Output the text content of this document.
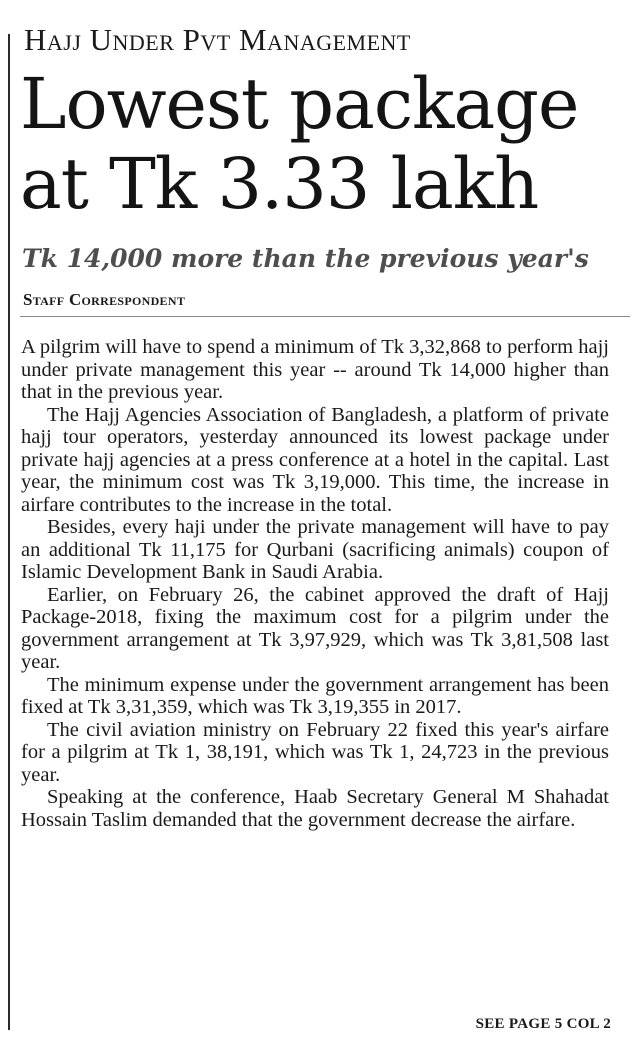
Hajj Under Pvt Management
Lowest package
at Tk 3.33 lakh
Tk 14,000 more than the previous year's
Staff Correspondent

A pilgrim will have to spend a minimum of Tk 3,32,868 to perform hajj under private management this year -- around Tk 14,000 higher than that in the previous year.

The Hajj Agencies Association of Bangladesh, a platform of private hajj tour operators, yesterday announced its lowest package under private hajj agencies at a press conference at a hotel in the capital. Last year, the minimum cost was Tk 3,19,000. This time, the increase in airfare contributes to the increase in the total.

Besides, every haji under the private management will have to pay an additional Tk 11,175 for Qurbani (sacrificing animals) coupon of Islamic Development Bank in Saudi Arabia.

Earlier, on February 26, the cabinet approved the draft of Hajj Package-2018, fixing the maximum cost for a pilgrim under the government arrangement at Tk 3,97,929, which was Tk 3,81,508 last year.

The minimum expense under the government arrangement has been fixed at Tk 3,31,359, which was Tk 3,19,355 in 2017.

The civil aviation ministry on February 22 fixed this year's airfare for a pilgrim at Tk 1, 38,191, which was Tk 1, 24,723 in the previous year.

Speaking at the conference, Haab Secretary General M Shahadat Hossain Taslim demanded that the government decrease the airfare.

SEE PAGE 5 COL 2
